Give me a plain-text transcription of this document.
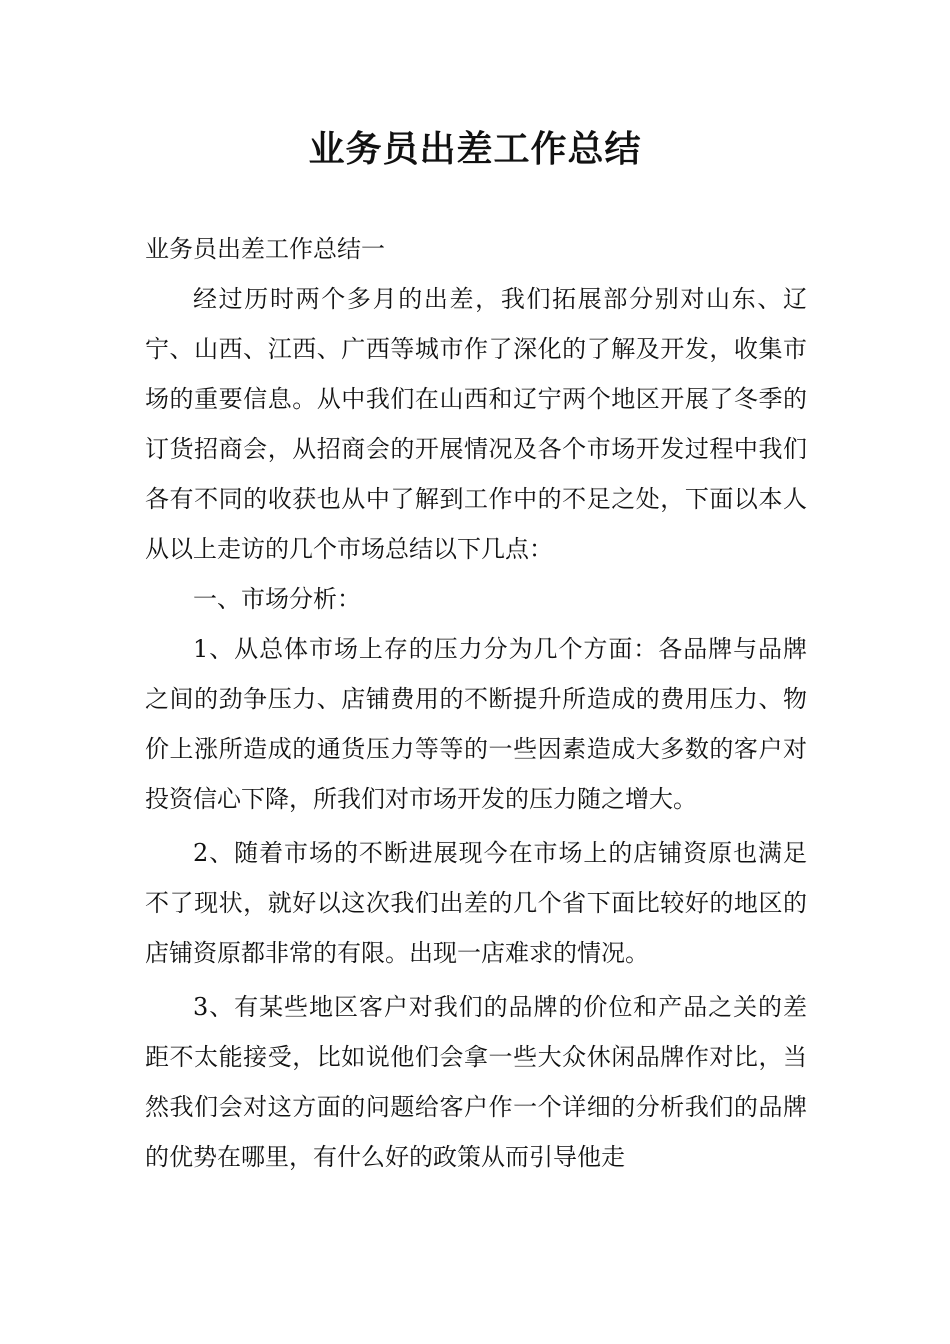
业务员出差工作总结

业务员出差工作总结一

经过历时两个多月的出差，我们拓展部分别对山东、辽宁、山西、江西、广西等城市作了深化的了解及开发，收集市场的重要信息。从中我们在山西和辽宁两个地区开展了冬季的订货招商会，从招商会的开展情况及各个市场开发过程中我们各有不同的收获也从中了解到工作中的不足之处，下面以本人从以上走访的几个市场总结以下几点：

一、市场分析：

1、从总体市场上存的压力分为几个方面：各品牌与品牌之间的劲争压力、店铺费用的不断提升所造成的费用压力、物价上涨所造成的通货压力等等的一些因素造成大多数的客户对投资信心下降，所我们对市场开发的压力随之增大。

2、随着市场的不断进展现今在市场上的店铺资原也满足不了现状，就好以这次我们出差的几个省下面比较好的地区的店铺资原都非常的有限。出现一店难求的情况。

3、有某些地区客户对我们的品牌的价位和产品之关的差距不太能接受，比如说他们会拿一些大众休闲品牌作对比，当然我们会对这方面的问题给客户作一个详细的分析我们的品牌的优势在哪里，有什么好的政策从而引导他走
